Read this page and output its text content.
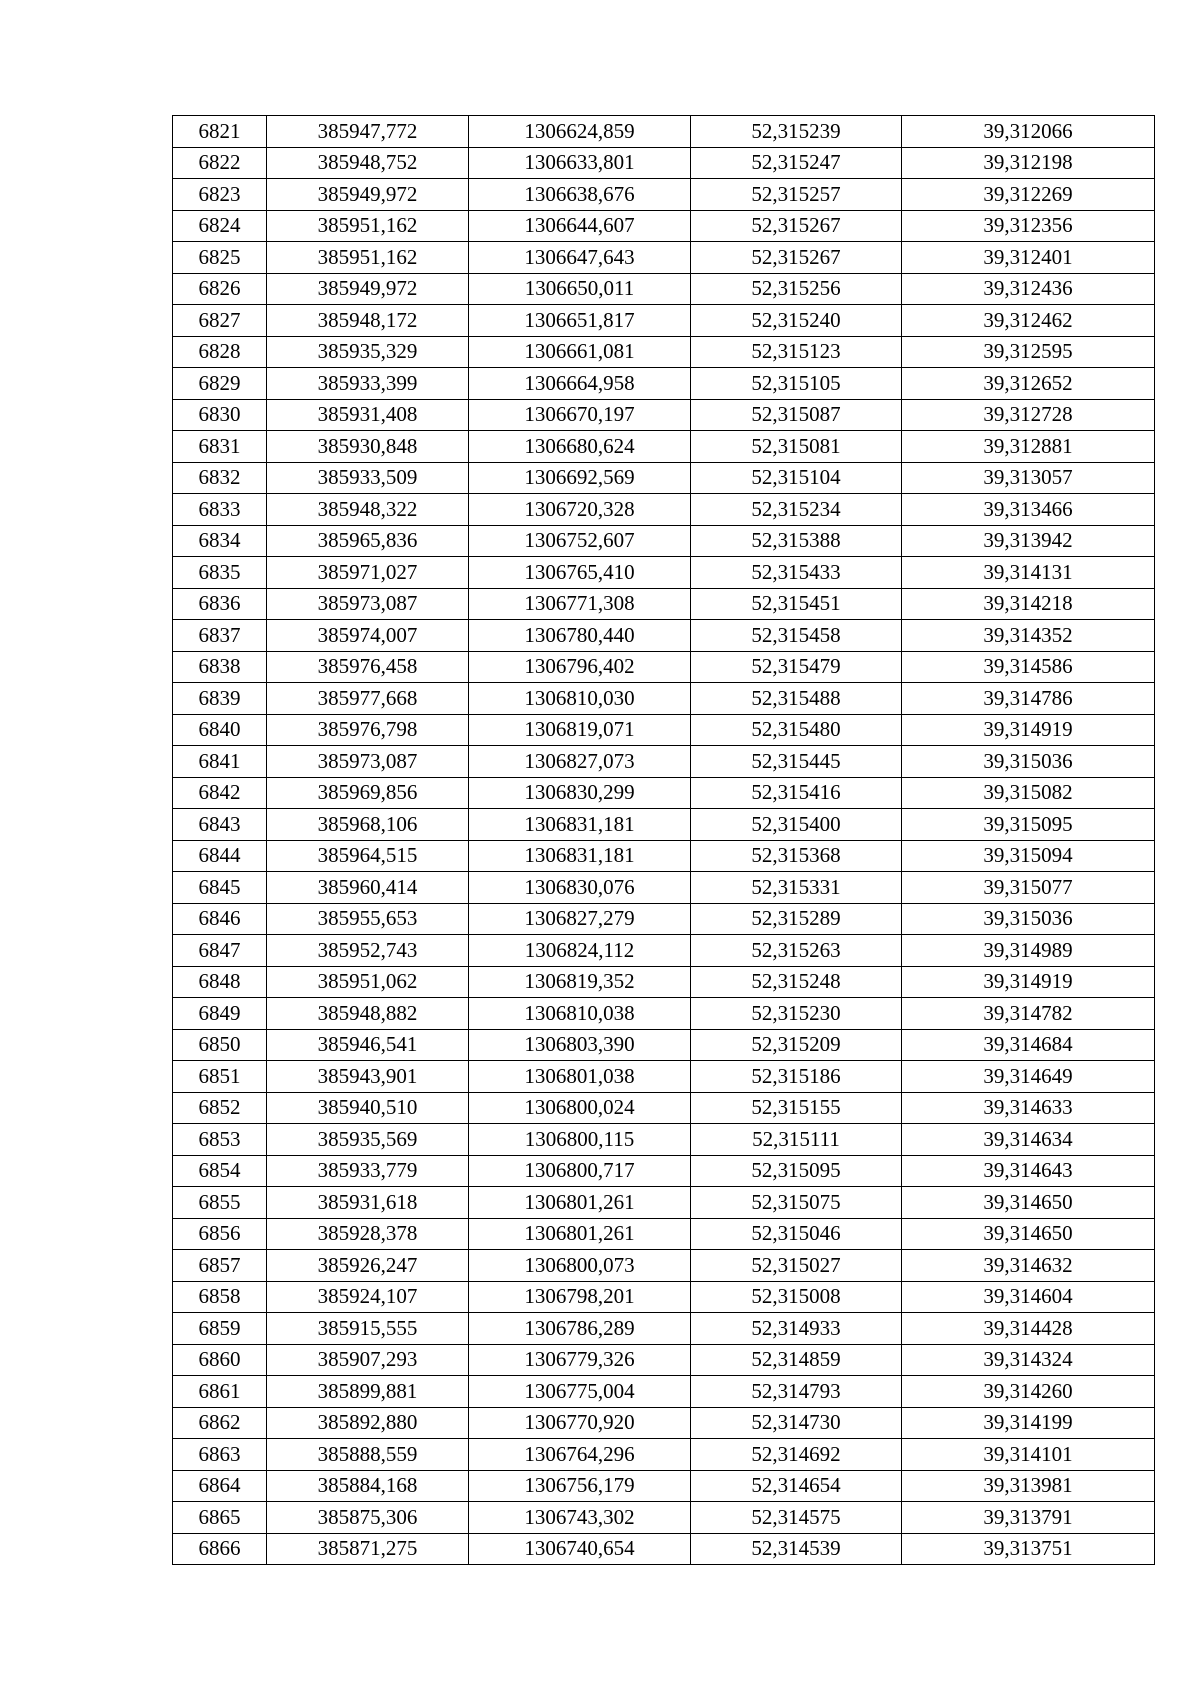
6821	385947,772	1306624,859	52,315239	39,312066
6822	385948,752	1306633,801	52,315247	39,312198
6823	385949,972	1306638,676	52,315257	39,312269
6824	385951,162	1306644,607	52,315267	39,312356
6825	385951,162	1306647,643	52,315267	39,312401
6826	385949,972	1306650,011	52,315256	39,312436
6827	385948,172	1306651,817	52,315240	39,312462
6828	385935,329	1306661,081	52,315123	39,312595
6829	385933,399	1306664,958	52,315105	39,312652
6830	385931,408	1306670,197	52,315087	39,312728
6831	385930,848	1306680,624	52,315081	39,312881
6832	385933,509	1306692,569	52,315104	39,313057
6833	385948,322	1306720,328	52,315234	39,313466
6834	385965,836	1306752,607	52,315388	39,313942
6835	385971,027	1306765,410	52,315433	39,314131
6836	385973,087	1306771,308	52,315451	39,314218
6837	385974,007	1306780,440	52,315458	39,314352
6838	385976,458	1306796,402	52,315479	39,314586
6839	385977,668	1306810,030	52,315488	39,314786
6840	385976,798	1306819,071	52,315480	39,314919
6841	385973,087	1306827,073	52,315445	39,315036
6842	385969,856	1306830,299	52,315416	39,315082
6843	385968,106	1306831,181	52,315400	39,315095
6844	385964,515	1306831,181	52,315368	39,315094
6845	385960,414	1306830,076	52,315331	39,315077
6846	385955,653	1306827,279	52,315289	39,315036
6847	385952,743	1306824,112	52,315263	39,314989
6848	385951,062	1306819,352	52,315248	39,314919
6849	385948,882	1306810,038	52,315230	39,314782
6850	385946,541	1306803,390	52,315209	39,314684
6851	385943,901	1306801,038	52,315186	39,314649
6852	385940,510	1306800,024	52,315155	39,314633
6853	385935,569	1306800,115	52,315111	39,314634
6854	385933,779	1306800,717	52,315095	39,314643
6855	385931,618	1306801,261	52,315075	39,314650
6856	385928,378	1306801,261	52,315046	39,314650
6857	385926,247	1306800,073	52,315027	39,314632
6858	385924,107	1306798,201	52,315008	39,314604
6859	385915,555	1306786,289	52,314933	39,314428
6860	385907,293	1306779,326	52,314859	39,314324
6861	385899,881	1306775,004	52,314793	39,314260
6862	385892,880	1306770,920	52,314730	39,314199
6863	385888,559	1306764,296	52,314692	39,314101
6864	385884,168	1306756,179	52,314654	39,313981
6865	385875,306	1306743,302	52,314575	39,313791
6866	385871,275	1306740,654	52,314539	39,313751
